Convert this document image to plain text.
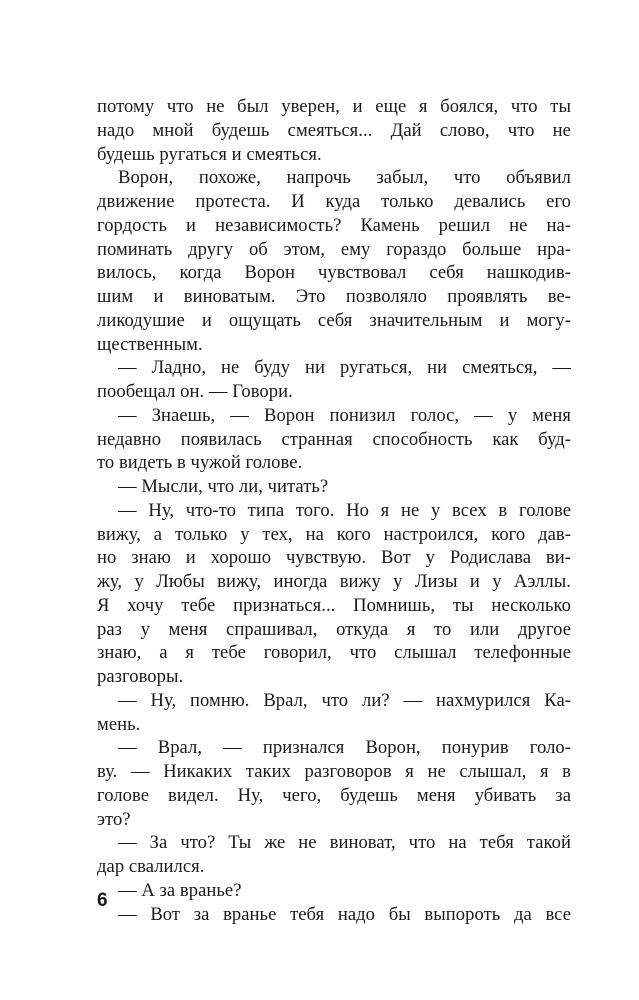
потому что не был уверен, и еще я боялся, что ты
надо мной будешь смеяться... Дай слово, что не
будешь ругаться и смеяться.
Ворон, похоже, напрочь забыл, что объявил
движение протеста. И куда только девались его
гордость и независимость? Камень решил не на-
поминать другу об этом, ему гораздо больше нра-
вилось, когда Ворон чувствовал себя нашкодив-
шим и виноватым. Это позволяло проявлять ве-
ликодушие и ощущать себя значительным и могу-
щественным.
— Ладно, не буду ни ругаться, ни смеяться, —
пообещал он. — Говори.
— Знаешь, — Ворон понизил голос, — у меня
недавно появилась странная способность как буд-
то видеть в чужой голове.
— Мысли, что ли, читать?
— Ну, что-то типа того. Но я не у всех в голове
вижу, а только у тех, на кого настроился, кого дав-
но знаю и хорошо чувствую. Вот у Родислава ви-
жу, у Любы вижу, иногда вижу у Лизы и у Аэллы.
Я хочу тебе признаться... Помнишь, ты несколько
раз у меня спрашивал, откуда я то или другое
знаю, а я тебе говорил, что слышал телефонные
разговоры.
— Ну, помню. Врал, что ли? — нахмурился Ка-
мень.
— Врал, — признался Ворон, понурив голо-
ву. — Никаких таких разговоров я не слышал, я в
голове видел. Ну, чего, будешь меня убивать за
это?
— За что? Ты же не виноват, что на тебя такой
дар свалился.
— А за вранье?
— Вот за вранье тебя надо бы выпороть да все
6
